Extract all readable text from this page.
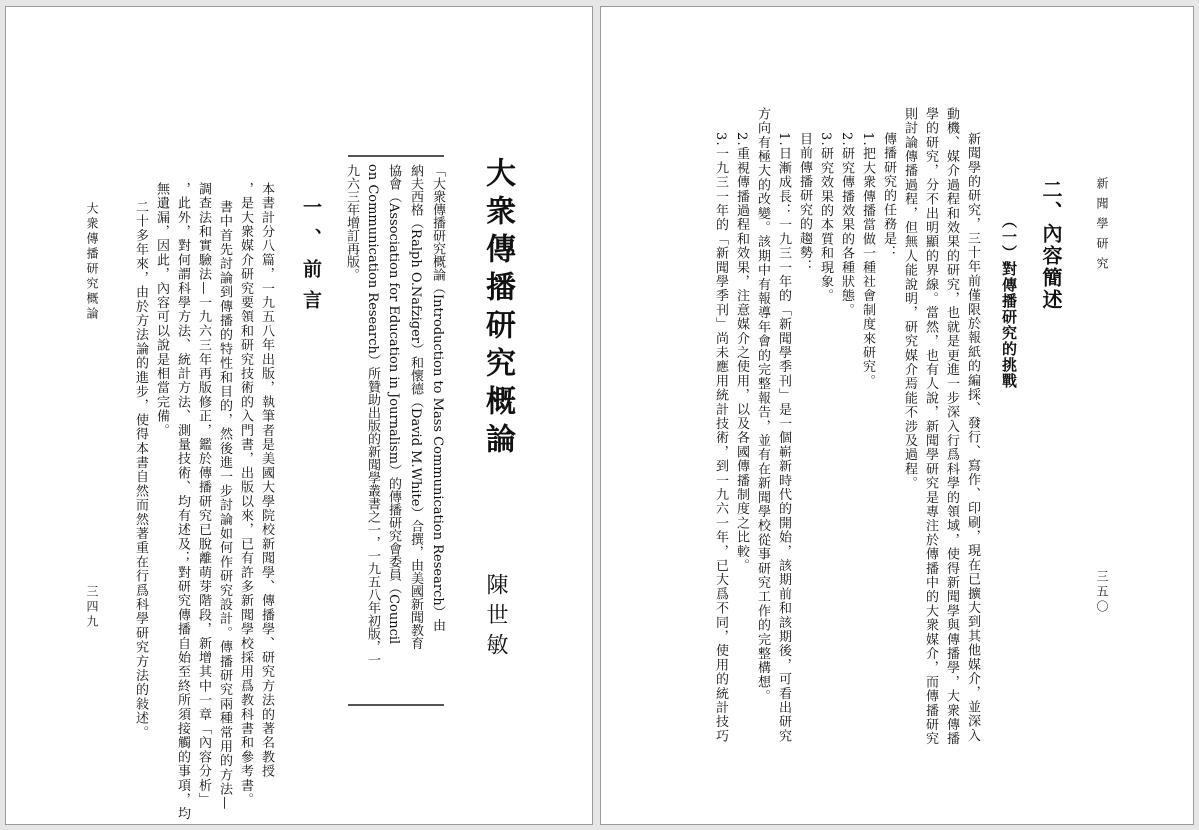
大衆傳播研究概論
陳世敏
「大衆傳播研究概論（Introduction to Mass Communication Research）由
納夫西格（Ralph O.Nafziger）和懷德（David M.White）合撰，由美國新聞教育
協會（Association for Education in Journalism）的傳播研究會委員（Council
on Communication Research）所贊助出版的新聞學叢書之一，一九五八年初版，一
九六三年增訂再版。
一、前言
本書計分八篇，一九五八年出版，執筆者是美國大學院校新聞學、傳播學、研究方法的著名教授
，是大衆媒介研究要領和研究技術的入門書，出版以來，已有許多新聞學校採用爲教科書和參考書。
書中首先討論到傳播的特性和目的，然後進一步討論如何作研究設計。傳播研究兩種常用的方法—
調查法和實驗法—一九六三年再版修正，鑑於傳播研究已脫離萌芽階段，新增其中一章「內容分析」
，此外，對何謂科學方法、統計方法、測量技術、均有述及；對研究傳播自始至終所須接觸的事項，均
無遺漏，因此，內容可以說是相當完備。
二十多年來，由於方法論的進步，使得本書自然而然著重在行爲科學研究方法的敍述。
大衆傳播研究概論
三四九
新聞學研究
三五〇
二、內容簡述
（一）對傳播研究的挑戰
新聞學的研究，三十年前僅限於報紙的編採、發行、寫作、印刷，現在已擴大到其他媒介，並深入
動機、媒介過程和效果的研究，也就是更進一步深入行爲科學的領域，使得新聞學與傳播學，大衆傳播
學的研究，分不出明顯的界線。當然，也有人說，新聞學研究是專注於傳播中的大衆媒介，而傳播研究
則討論傳播過程，但無人能說明，研究媒介焉能不涉及過程。
傳播研究的任務是：
1.把大衆傳播當做一種社會制度來研究。
2.研究傳播效果的各種狀態。
3.研究效果的本質和現象。
目前傳播研究的趨勢：
1.日漸成長：一九三一年的「新聞學季刊」是一個嶄新時代的開始，該期前和該期後，可看出研究
方向有極大的改變。該期中有報導年會的完整報告，並有在新聞學校從事研究工作的完整構想。
2.重視傳播過程和效果，注意媒介之使用，以及各國傳播制度之比較。
3.一九三一年的「新聞學季刊」尚未應用統計技術，到一九六一年，已大爲不同，使用的統計技巧
